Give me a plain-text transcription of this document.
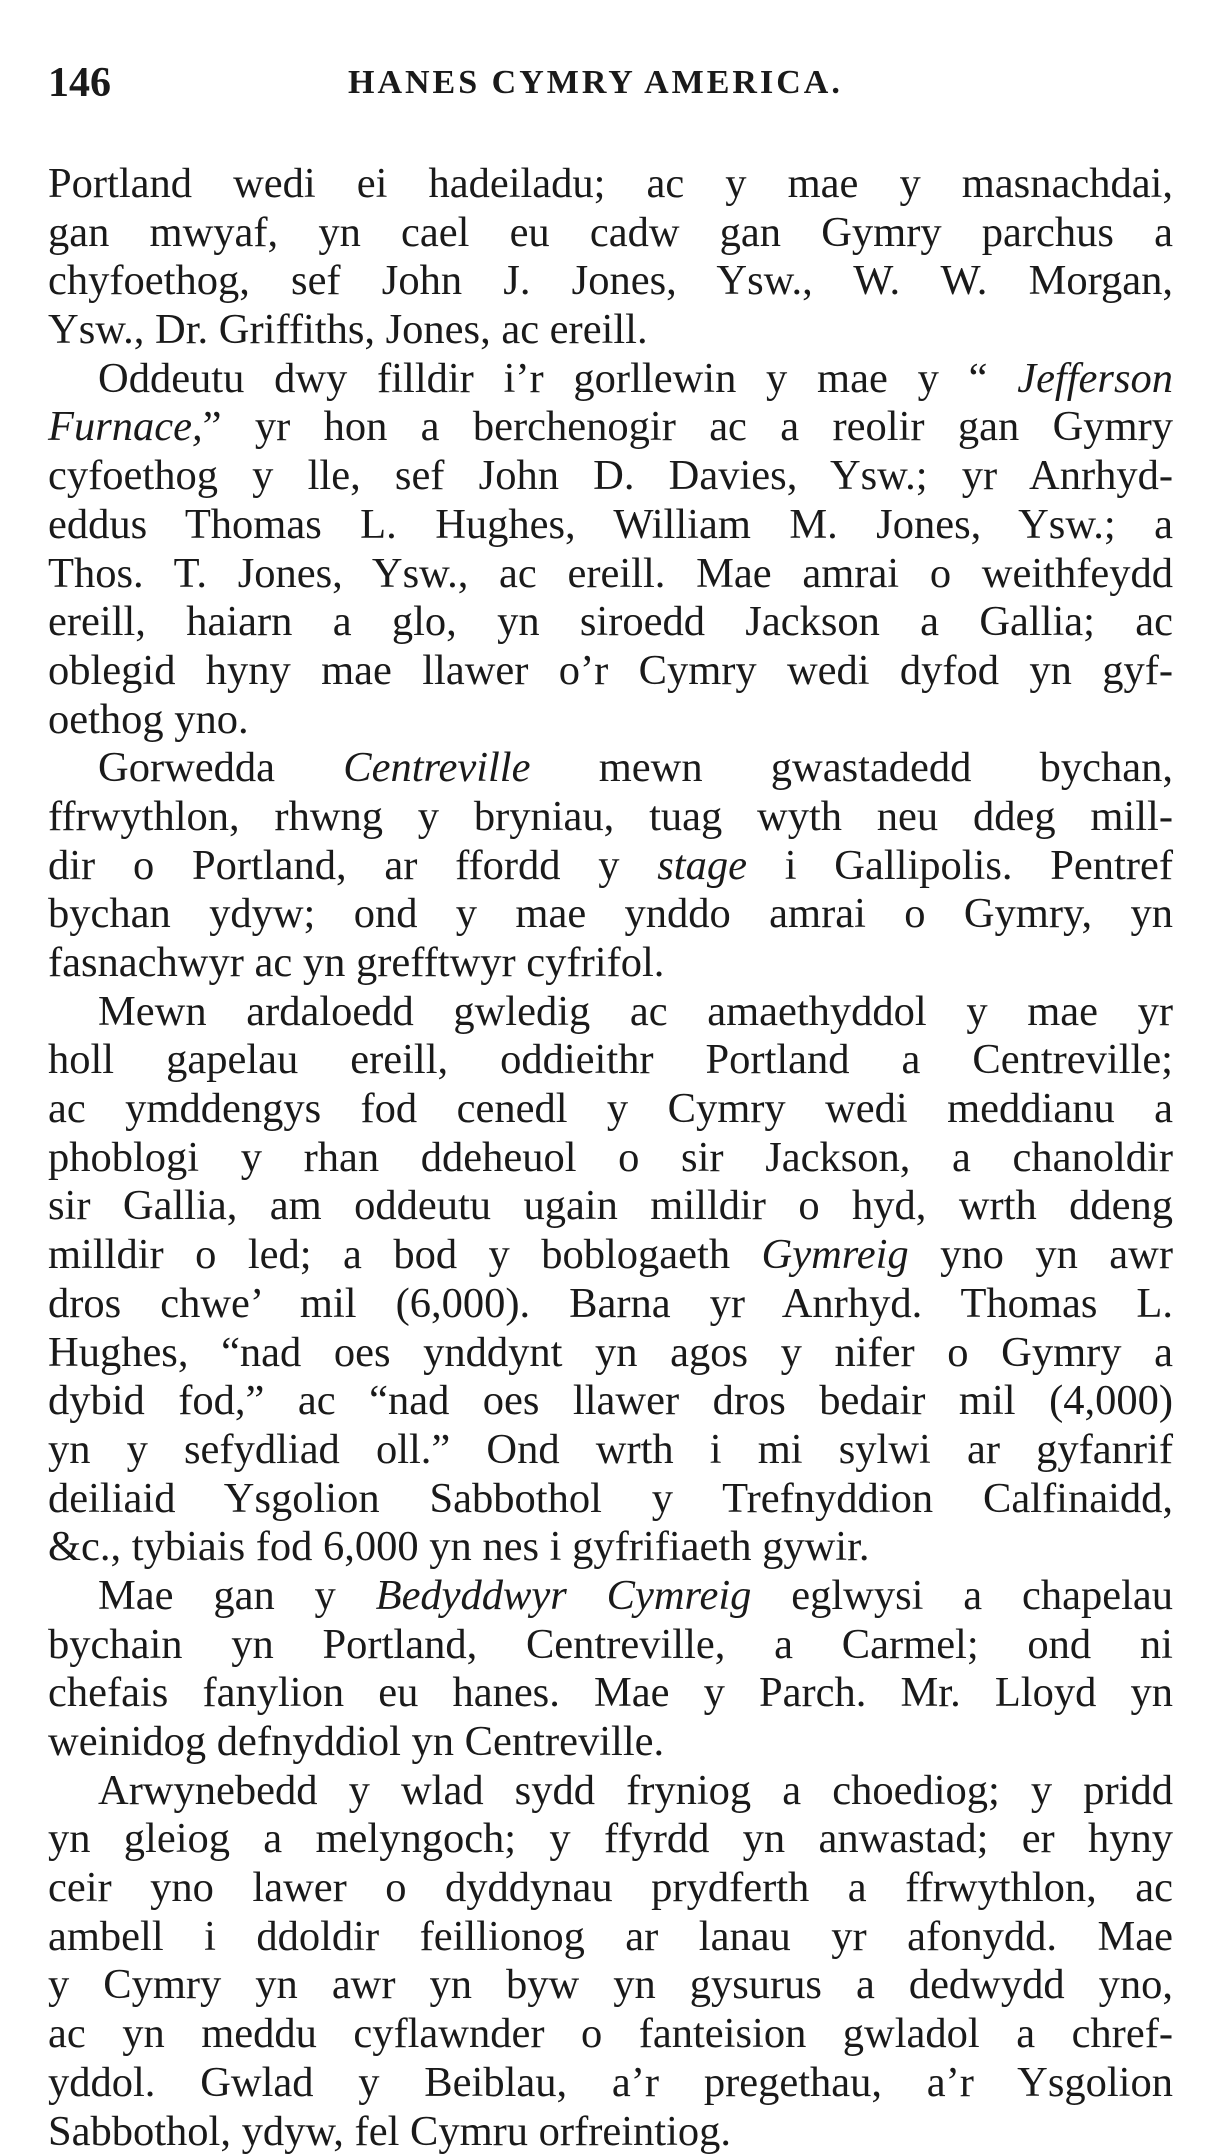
146	HANES CYMRY AMERICA.
Portland wedi ei hadeiladu; ac y mae y masnachdai,
gan mwyaf, yn cael eu cadw gan Gymry parchus a
chyfoethog, sef John J. Jones, Ysw., W. W. Morgan,
Ysw., Dr. Griffiths, Jones, ac ereill.
Oddeutu dwy filldir i’r gorllewin y mae y “ Jefferson
Furnace,” yr hon a berchenogir ac a reolir gan Gymry
cyfoethog y lle, sef John D. Davies, Ysw.; yr Anrhyd-
eddus Thomas L. Hughes, William M. Jones, Ysw.; a
Thos. T. Jones, Ysw., ac ereill. Mae amrai o weithfeydd
ereill, haiarn a glo, yn siroedd Jackson a Gallia; ac
oblegid hyny mae llawer o’r Cymry wedi dyfod yn gyf-
oethog yno.
Gorwedda Centreville mewn gwastadedd bychan,
ffrwythlon, rhwng y bryniau, tuag wyth neu ddeg mill-
dir o Portland, ar ffordd y stage i Gallipolis. Pentref
bychan ydyw; ond y mae ynddo amrai o Gymry, yn
fasnachwyr ac yn grefftwyr cyfrifol.
Mewn ardaloedd gwledig ac amaethyddol y mae yr
holl gapelau ereill, oddieithr Portland a Centreville;
ac ymddengys fod cenedl y Cymry wedi meddianu a
phoblogi y rhan ddeheuol o sir Jackson, a chanoldir
sir Gallia, am oddeutu ugain milldir o hyd, wrth ddeng
milldir o led; a bod y boblogaeth Gymreig yno yn awr
dros chwe’ mil (6,000). Barna yr Anrhyd. Thomas L.
Hughes, “nad oes ynddynt yn agos y nifer o Gymry a
dybid fod,” ac “nad oes llawer dros bedair mil (4,000)
yn y sefydliad oll.” Ond wrth i mi sylwi ar gyfanrif
deiliaid Ysgolion Sabbothol y Trefnyddion Calfinaidd,
&c., tybiais fod 6,000 yn nes i gyfrifiaeth gywir.
Mae gan y Bedyddwyr Cymreig eglwysi a chapelau
bychain yn Portland, Centreville, a Carmel; ond ni
chefais fanylion eu hanes. Mae y Parch. Mr. Lloyd yn
weinidog defnyddiol yn Centreville.
Arwynebedd y wlad sydd fryniog a choediog; y pridd
yn gleiog a melyngoch; y ffyrdd yn anwastad; er hyny
ceir yno lawer o dyddynau prydferth a ffrwythlon, ac
ambell i ddoldir feillionog ar lanau yr afonydd. Mae
y Cymry yn awr yn byw yn gysurus a dedwydd yno,
ac yn meddu cyflawnder o fanteision gwladol a chref-
yddol. Gwlad y Beiblau, a’r pregethau, a’r Ysgolion
Sabbothol, ydyw, fel Cymru orfreintiog.
